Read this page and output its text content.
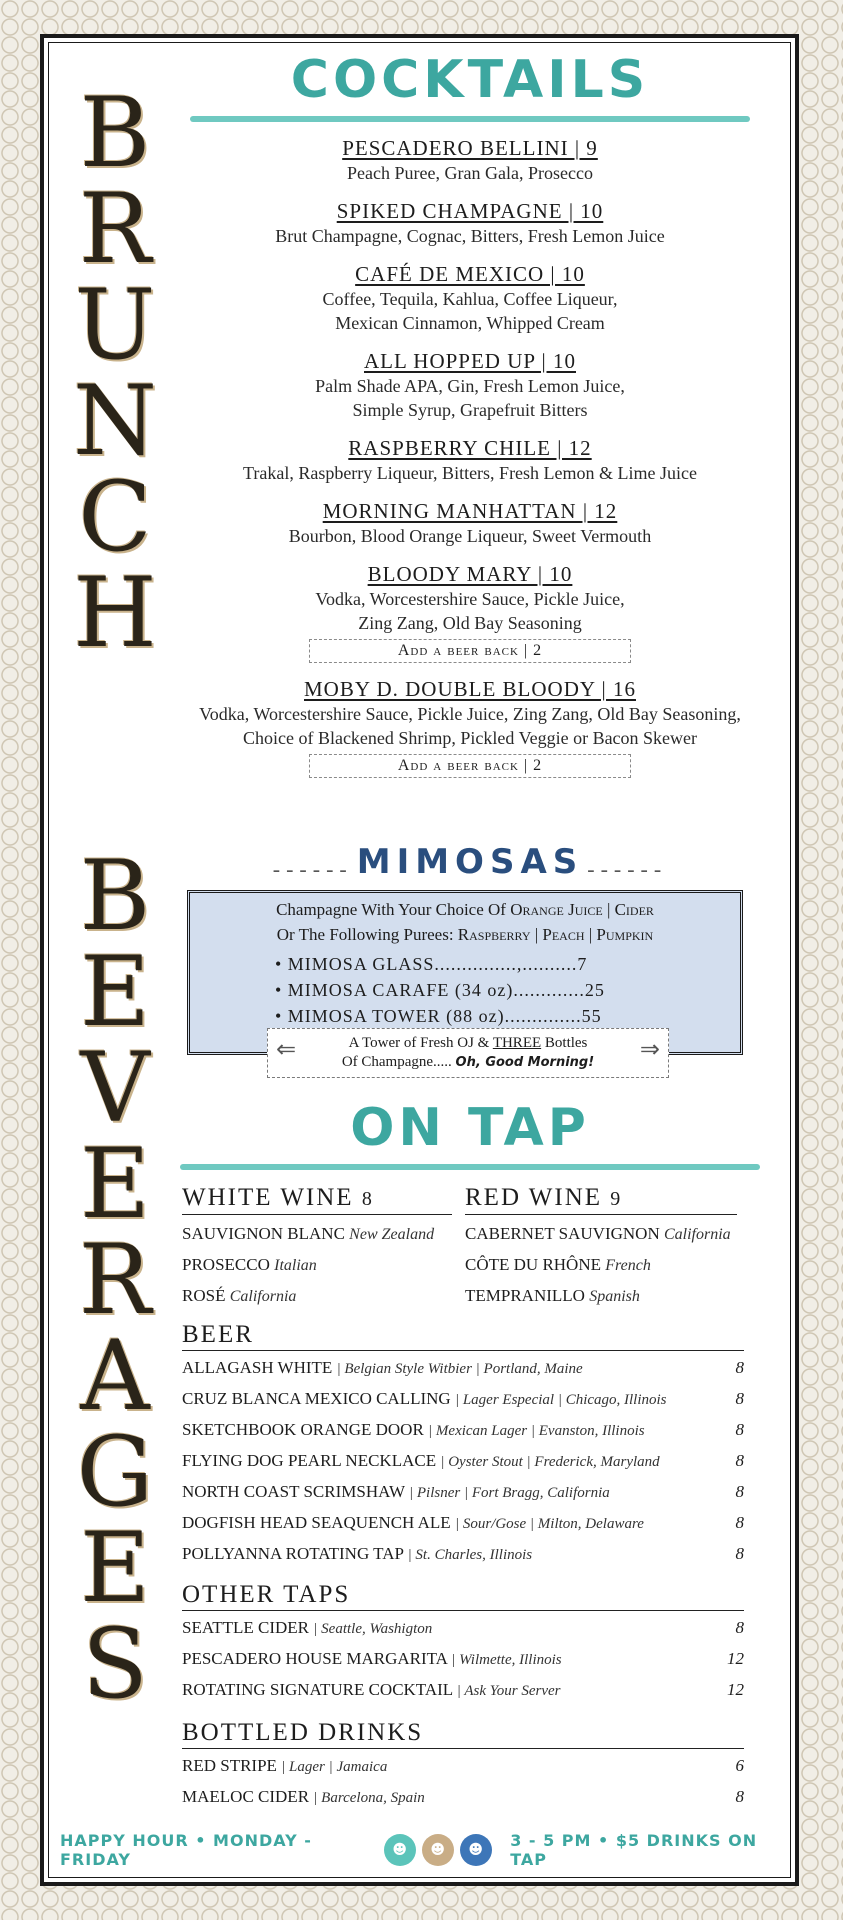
B
R
U
N
C
H
B
E
V
E
R
A
G
E
S
COCKTAILS
PESCADERO BELLINI | 9
Peach Puree, Gran Gala, Prosecco
SPIKED CHAMPAGNE | 10
Brut Champagne, Cognac, Bitters, Fresh Lemon Juice
CAFÉ DE MEXICO | 10
Coffee, Tequila, Kahlua, Coffee Liqueur,
Mexican Cinnamon, Whipped Cream
ALL HOPPED UP | 10
Palm Shade APA, Gin, Fresh Lemon Juice,
Simple Syrup, Grapefruit Bitters
RASPBERRY CHILE | 12
Trakal, Raspberry Liqueur, Bitters, Fresh Lemon & Lime Juice
MORNING MANHATTAN | 12
Bourbon, Blood Orange Liqueur, Sweet Vermouth
BLOODY MARY | 10
Vodka, Worcestershire Sauce, Pickle Juice,
Zing Zang, Old Bay Seasoning
Add a beer back | 2
MOBY D. DOUBLE BLOODY | 16
Vodka, Worcestershire Sauce, Pickle Juice, Zing Zang, Old Bay Seasoning,
Choice of Blackened Shrimp, Pickled Veggie or Bacon Skewer
Add a beer back | 2
------ MIMOSAS ------
Champagne With Your Choice Of Orange Juice | Cider
Or The Following Purees: Raspberry | Peach | Pumpkin
• MIMOSA GLASS...............,..........7
• MIMOSA CARAFE (34 oz).............25
• MIMOSA TOWER (88 oz)..............55
⇐	A Tower of Fresh OJ & THREE Bottles
Of Champagne..... Oh, Good Morning!	⇒
ON TAP
WHITE WINE 8
SAUVIGNON BLANC New Zealand
PROSECCO Italian
ROSÉ California
RED WINE 9
CABERNET SAUVIGNON California
CÔTE DU RHÔNE French
TEMPRANILLO Spanish
BEER
ALLAGASH WHITE | Belgian Style Witbier | Portland, Maine	8
CRUZ BLANCA MEXICO CALLING | Lager Especial | Chicago, Illinois	8
SKETCHBOOK ORANGE DOOR | Mexican Lager | Evanston, Illinois	8
FLYING DOG PEARL NECKLACE | Oyster Stout | Frederick, Maryland	8
NORTH COAST SCRIMSHAW | Pilsner | Fort Bragg, California	8
DOGFISH HEAD SEAQUENCH ALE | Sour/Gose | Milton, Delaware	8
POLLYANNA ROTATING TAP | St. Charles, Illinois	8
OTHER TAPS
SEATTLE CIDER | Seattle, Washigton	8
PESCADERO HOUSE MARGARITA | Wilmette, Illinois	12
ROTATING SIGNATURE COCKTAIL | Ask Your Server	12
BOTTLED DRINKS
RED STRIPE | Lager | Jamaica	6
MAELOC CIDER | Barcelona, Spain	8
HAPPY HOUR • MONDAY - FRIDAY	☻	☻	☻	3 - 5 PM • $5 DRINKS ON TAP
